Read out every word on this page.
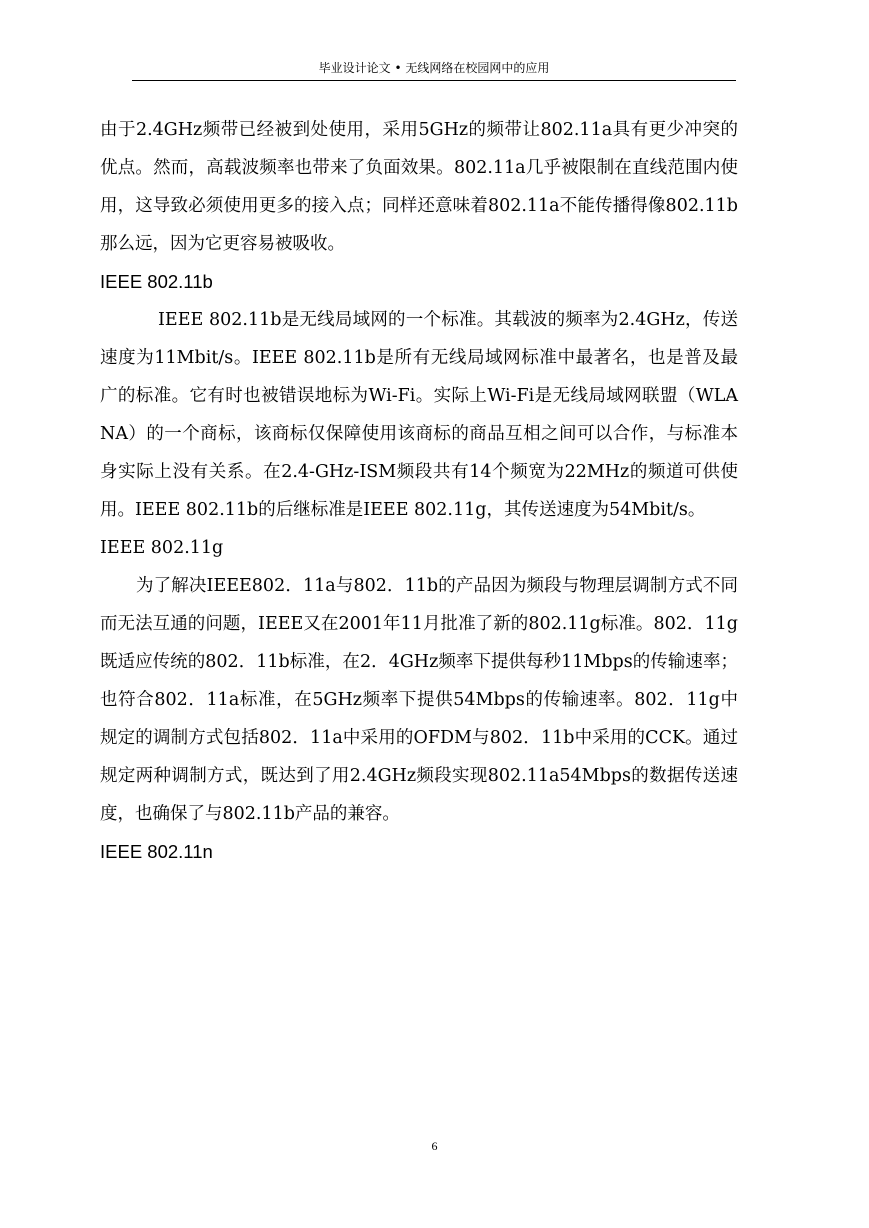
毕业设计论文 • 无线网络在校园网中的应用

由于2.4GHz频带已经被到处使用，采用5GHz的频带让802.11a具有更少冲突的优点。然而，高载波频率也带来了负面效果。802.11a几乎被限制在直线范围内使用，这导致必须使用更多的接入点；同样还意味着802.11a不能传播得像802.11b那么远，因为它更容易被吸收。

IEEE 802.11b

IEEE 802.11b是无线局域网的一个标准。其载波的频率为2.4GHz，传送速度为11Mbit/s。IEEE 802.11b是所有无线局域网标准中最著名，也是普及最广的标准。它有时也被错误地标为Wi-Fi。实际上Wi-Fi是无线局域网联盟（WLANA）的一个商标，该商标仅保障使用该商标的商品互相之间可以合作，与标准本身实际上没有关系。在2.4-GHz-ISM频段共有14个频宽为22MHz的频道可供使用。IEEE 802.11b的后继标准是IEEE 802.11g，其传送速度为54Mbit/s。

IEEE 802.11g

为了解决IEEE802．11a与802．11b的产品因为频段与物理层调制方式不同而无法互通的问题，IEEE又在2001年11月批准了新的802.11g标准。802．11g既适应传统的802．11b标准，在2．4GHz频率下提供每秒11Mbps的传输速率；也符合802．11a标准，在5GHz频率下提供54Mbps的传输速率。802．11g中规定的调制方式包括802．11a中采用的OFDM与802．11b中采用的CCK。通过规定两种调制方式，既达到了用2.4GHz频段实现802.11a54Mbps的数据传送速度，也确保了与802.11b产品的兼容。

IEEE 802.11n

6
